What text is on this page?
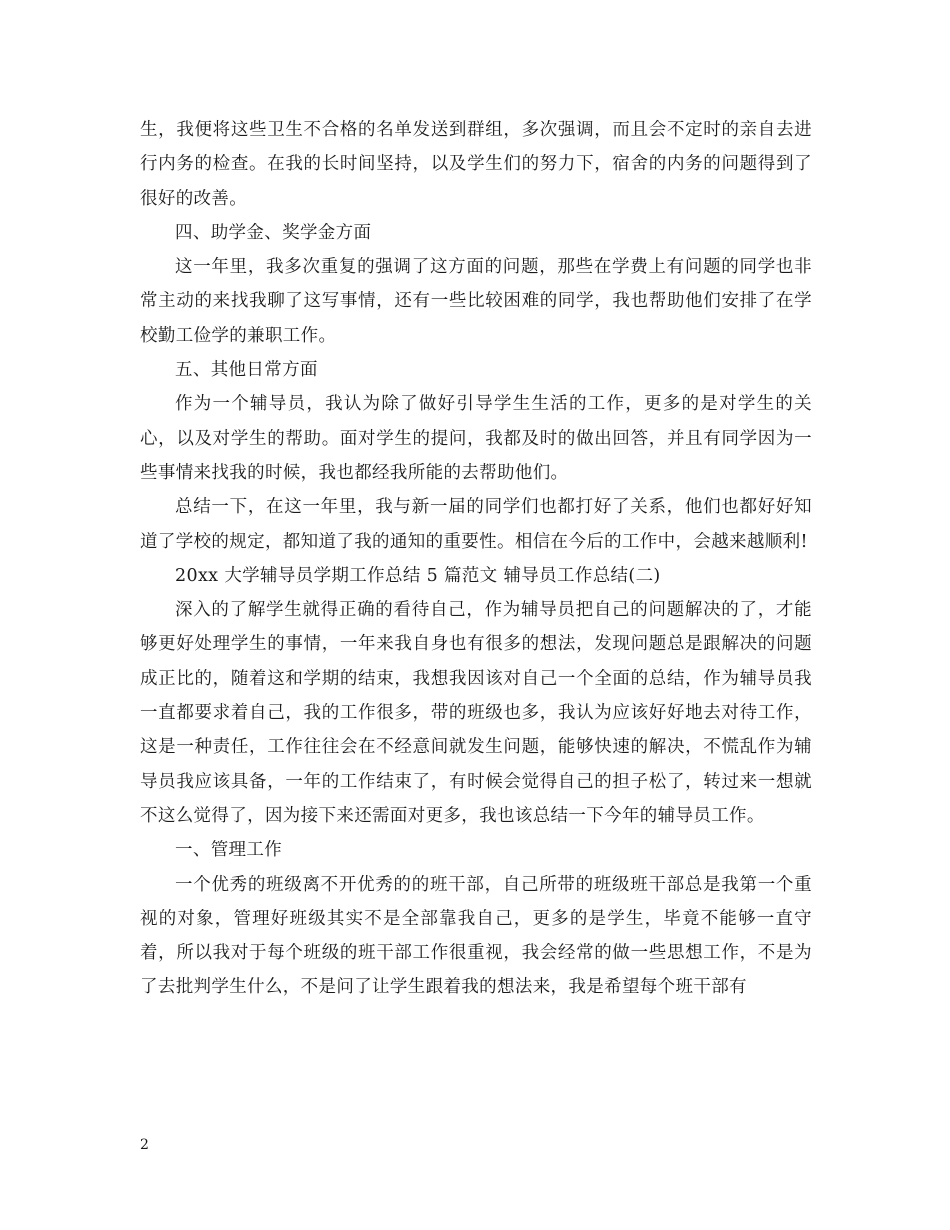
生，我便将这些卫生不合格的名单发送到群组，多次强调，而且会不定时的亲自去进行内务的检查。在我的长时间坚持，以及学生们的努力下，宿舍的内务的问题得到了很好的改善。

四、助学金、奖学金方面

这一年里，我多次重复的强调了这方面的问题，那些在学费上有问题的同学也非常主动的来找我聊了这写事情，还有一些比较困难的同学，我也帮助他们安排了在学校勤工俭学的兼职工作。

五、其他日常方面

作为一个辅导员，我认为除了做好引导学生生活的工作，更多的是对学生的关心，以及对学生的帮助。面对学生的提问，我都及时的做出回答，并且有同学因为一些事情来找我的时候，我也都经我所能的去帮助他们。

总结一下，在这一年里，我与新一届的同学们也都打好了关系，他们也都好好知道了学校的规定，都知道了我的通知的重要性。相信在今后的工作中，会越来越顺利!

20xx 大学辅导员学期工作总结 5 篇范文 辅导员工作总结(二)

深入的了解学生就得正确的看待自己，作为辅导员把自己的问题解决的了，才能够更好处理学生的事情，一年来我自身也有很多的想法，发现问题总是跟解决的问题成正比的，随着这和学期的结束，我想我因该对自己一个全面的总结，作为辅导员我一直都要求着自己，我的工作很多，带的班级也多，我认为应该好好地去对待工作，这是一种责任，工作往往会在不经意间就发生问题，能够快速的解决，不慌乱作为辅导员我应该具备，一年的工作结束了，有时候会觉得自己的担子松了，转过来一想就不这么觉得了，因为接下来还需面对更多，我也该总结一下今年的辅导员工作。

一、管理工作

一个优秀的班级离不开优秀的的班干部，自己所带的班级班干部总是我第一个重视的对象，管理好班级其实不是全部靠我自己，更多的是学生，毕竟不能够一直守着，所以我对于每个班级的班干部工作很重视，我会经常的做一些思想工作，不是为了去批判学生什么，不是问了让学生跟着我的想法来，我是希望每个班干部有

2
